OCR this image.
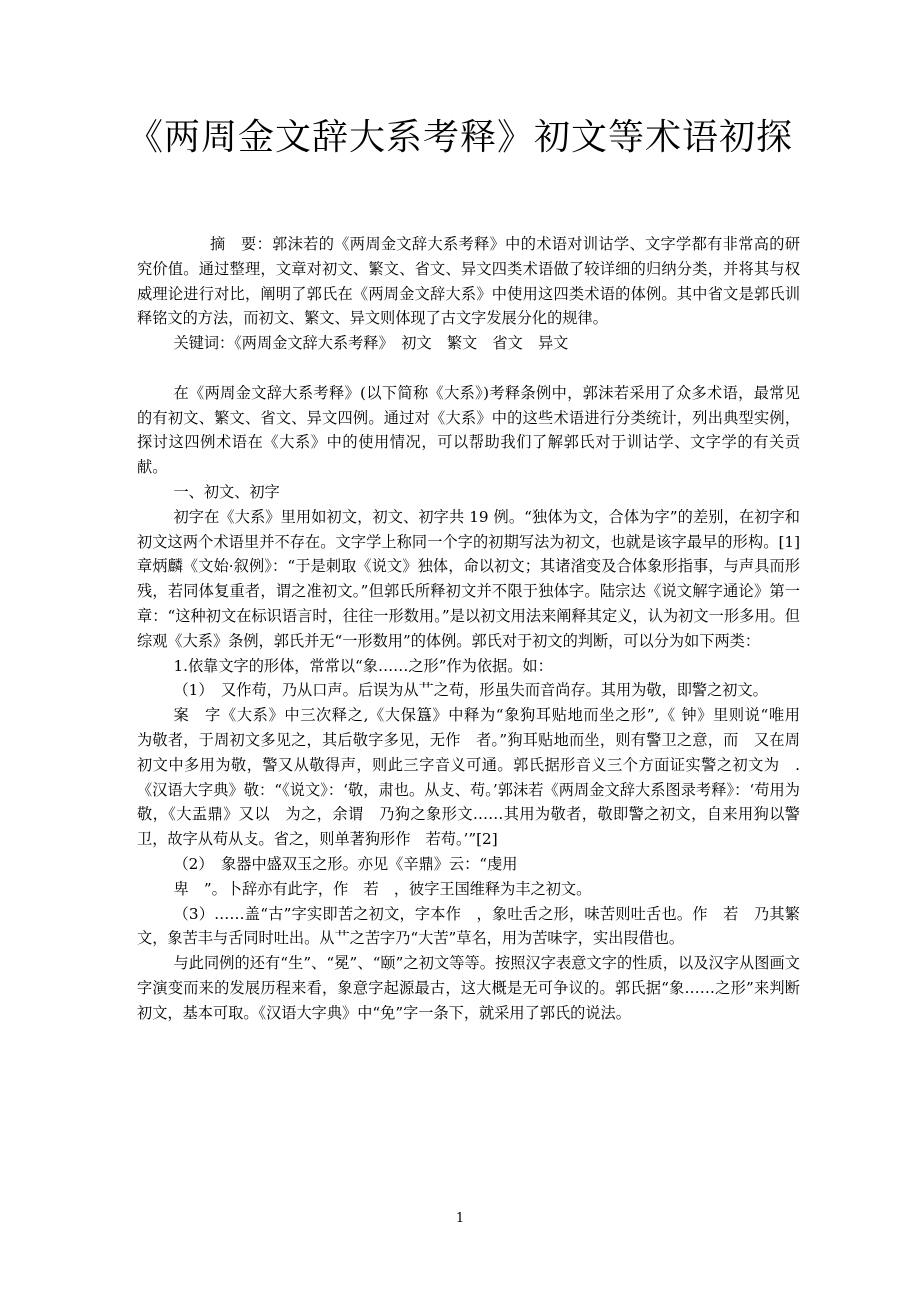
《两周金文辞大系考释》初文等术语初探

摘　要：郭沫若的《两周金文辞大系考释》中的术语对训诂学、文字学都有非常高的研究价值。通过整理，文章对初文、繁文、省文、异文四类术语做了较详细的归纳分类，并将其与权威理论进行对比，阐明了郭氏在《两周金文辞大系》中使用这四类术语的体例。其中省文是郭氏训释铭文的方法，而初文、繁文、异文则体现了古文字发展分化的规律。

关键词：《两周金文辞大系考释》　初文　繁文　省文　异文

在《两周金文辞大系考释》(以下简称《大系》)考释条例中，郭沫若采用了众多术语，最常见的有初文、繁文、省文、异文四例。通过对《大系》中的这些术语进行分类统计，列出典型实例，探讨这四例术语在《大系》中的使用情况，可以帮助我们了解郭氏对于训诂学、文字学的有关贡献。

一、初文、初字

初字在《大系》里用如初文，初文、初字共 19 例。“独体为文，合体为字”的差别，在初字和初文这两个术语里并不存在。文字学上称同一个字的初期写法为初文，也就是该字最早的形构。[1]章炳麟《文始·叙例》：“于是刺取《说文》独体，命以初文；其诸渻变及合体象形指事，与声具而形残，若同体复重者，谓之准初文。”但郭氏所释初文并不限于独体字。陆宗达《说文解字通论》第一章：“这种初文在标识语言时，往往一形数用。”是以初文用法来阐释其定义，认为初文一形多用。但综观《大系》条例，郭氏并无“一形数用”的体例。郭氏对于初文的判断，可以分为如下两类：

1.依靠文字的形体，常常以“象……之形”作为依据。如：

（1）　又作苟，乃从口声。后误为从艹之苟，形虽失而音尚存。其用为敬，即警之初文。

案　字《大系》中三次释之,《大保簋》中释为“象狗耳贴地而坐之形”,《 钟》里则说“唯用　为敬者，于周初文多见之，其后敬字多见，无作　者。”狗耳贴地而坐，则有警卫之意，而　又在周初文中多用为敬，警又从敬得声，则此三字音义可通。郭氏据形音义三个方面证实警之初文为　.《汉语大字典》敬：“《说文》：‘敬，肃也。从攴、苟。’郭沫若《两周金文辞大系图录考释》：‘苟用为敬，《大盂鼎》又以　为之，余谓　乃狗之象形文……其用为敬者，敬即警之初文，自来用狗以警卫，故字从苟从攴。省之，则单著狗形作　若苟。’”[2]

（2）　象器中盛双玉之形。亦见《辛鼎》云：“虔用

卑　”。卜辞亦有此字，作　若　，彼字王国维释为丰之初文。

（3）……盖“古”字实即苦之初文，字本作　，象吐舌之形，味苦则吐舌也。作　若　乃其繁文，象苦丰与舌同时吐出。从艹之苦字乃“大苦”草名，用为苦味字，实出叚借也。

与此同例的还有“生”、“冕”、“颐”之初文等等。按照汉字表意文字的性质，以及汉字从图画文字演变而来的发展历程来看，象意字起源最古，这大概是无可争议的。郭氏据“象……之形”来判断初文，基本可取。《汉语大字典》中“免”字一条下，就采用了郭氏的说法。

1
